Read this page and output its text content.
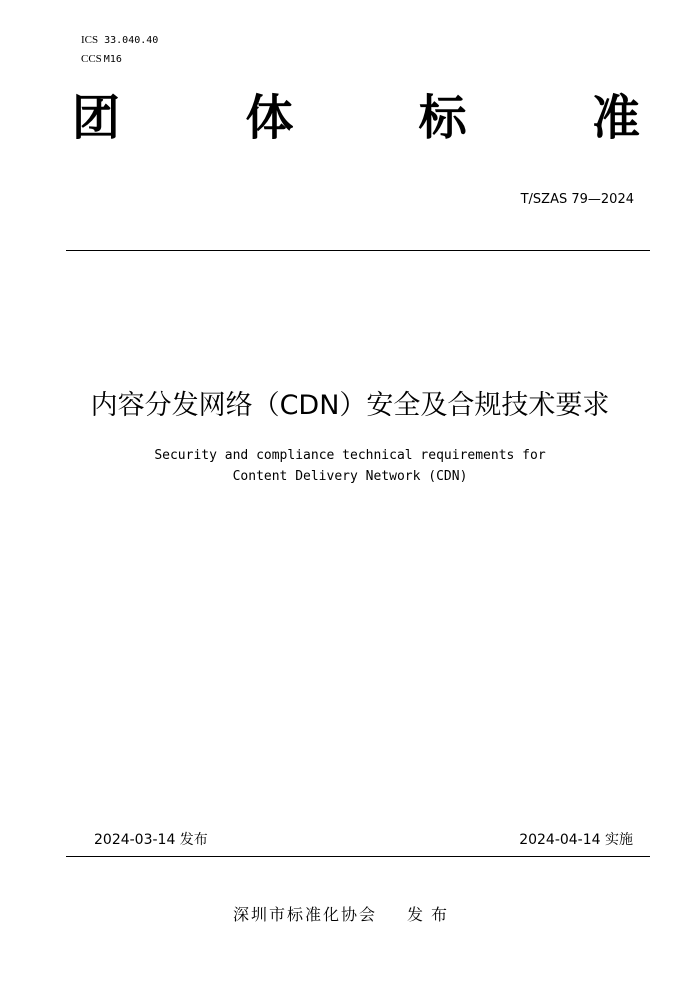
ICS 33.040.40
CCS M16
团	体	标	准
T/SZAS 79—2024
内容分发网络（CDN）安全及合规技术要求
Security and compliance technical requirements for
Content Delivery Network (CDN)
2024-03-14 发布	2024-04-14 实施
深圳市标准化协会 发布
